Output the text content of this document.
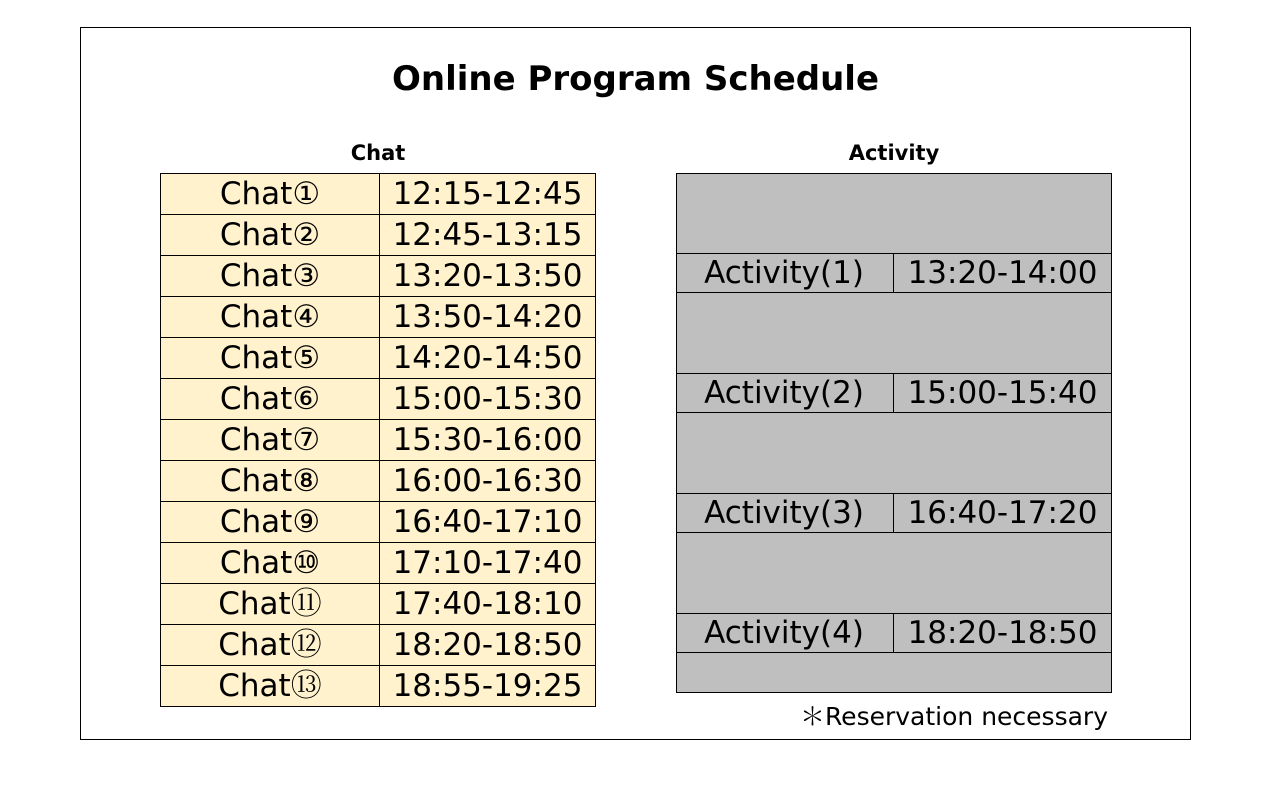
Online Program Schedule
Chat	Activity
Chat①	12:15-12:45
Chat②	12:45-13:15
Chat③	13:20-13:50
Chat④	13:50-14:20
Chat⑤	14:20-14:50
Chat⑥	15:00-15:30
Chat⑦	15:30-16:00
Chat⑧	16:00-16:30
Chat⑨	16:40-17:10
Chat⑩	17:10-17:40
Chat⑪	17:40-18:10
Chat⑫	18:20-18:50
Chat⑬	18:55-19:25
Activity(1)	13:20-14:00
Activity(2)	15:00-15:40
Activity(3)	16:40-17:20
Activity(4)	18:20-18:50
＊Reservation necessary
